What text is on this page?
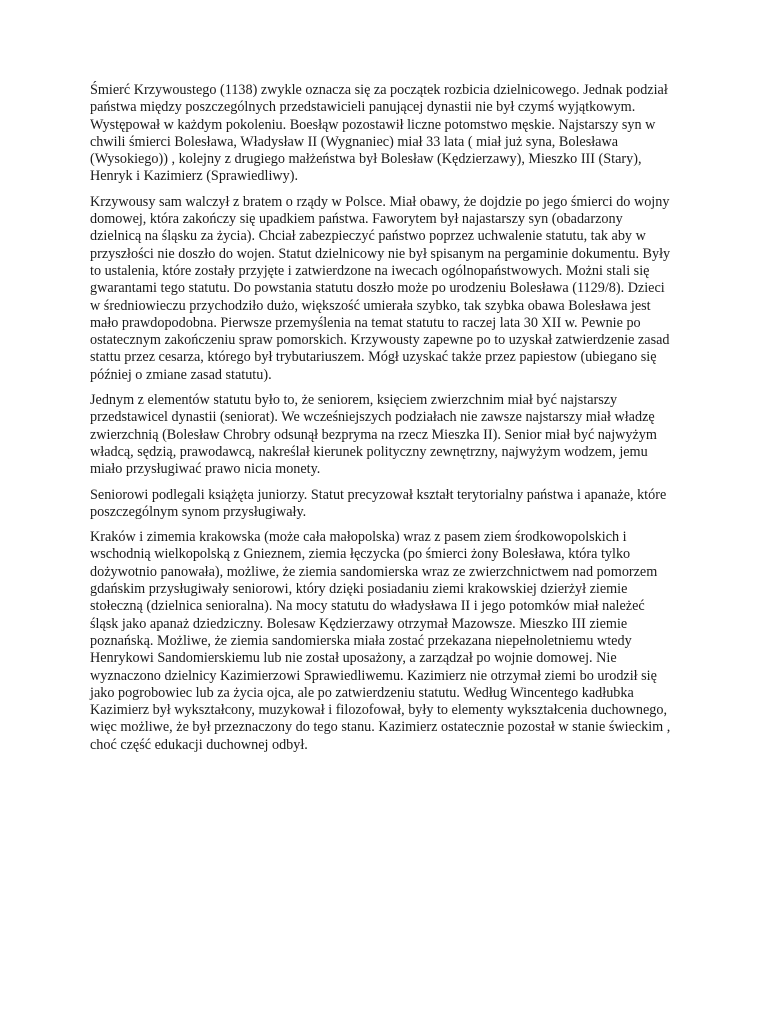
Śmierć Krzywoustego (1138) zwykle oznacza się za początek rozbicia dzielnicowego. Jednak podział
państwa między poszczególnych przedstawicieli panującej dynastii nie był czymś wyjątkowym.
Występował w każdym pokoleniu. Boesłąw pozostawił liczne potomstwo męskie. Najstarszy syn w
chwili śmierci Bolesława, Władysław II (Wygnaniec) miał 33 lata ( miał już syna, Bolesława
(Wysokiego)) , kolejny z drugiego małżeństwa był Bolesław (Kędzierzawy), Mieszko III (Stary),
Henryk i Kazimierz (Sprawiedliwy).

Krzywousy sam walczył z bratem o rządy w Polsce. Miał obawy, że dojdzie po jego śmierci do wojny
domowej, która zakończy się upadkiem państwa. Faworytem był najastarszy syn (obadarzony
dzielnicą na śląsku za życia). Chciał zabezpieczyć państwo poprzez uchwalenie statutu, tak aby w
przyszłości nie doszło do wojen. Statut dzielnicowy nie był spisanym na pergaminie dokumentu. Były
to ustalenia, które zostały przyjęte i zatwierdzone na iwecach ogólnopaństwowych. Możni stali się
gwarantami tego statutu. Do powstania statutu doszło może po urodzeniu Bolesława (1129/8). Dzieci
w średniowieczu przychodziło dużo, większość umierała szybko, tak szybka obawa Bolesława jest
mało prawdopodobna. Pierwsze przemyślenia na temat statutu to raczej lata 30 XII w. Pewnie po
ostatecznym zakończeniu spraw pomorskich. Krzywousty zapewne po to uzyskał zatwierdzenie zasad
stattu przez cesarza, którego był trybutariuszem. Mógł uzyskać także przez papiestow (ubiegano się
później o zmiane zasad statutu).

Jednym z elementów statutu było to, że seniorem, księciem zwierzchnim miał być najstarszy
przedstawicel dynastii (seniorat). We wcześniejszych podziałach nie zawsze najstarszy miał władzę
zwierzchnią (Bolesław Chrobry odsunął bezpryma na rzecz Mieszka II). Senior miał być najwyżym
władcą, sędzią, prawodawcą, nakreślał kierunek polityczny zewnętrzny, najwyżym wodzem, jemu
miało przysługiwać prawo nicia monety.

Seniorowi podlegali książęta juniorzy. Statut precyzował kształt terytorialny państwa i apanaże, które
poszczególnym synom przysługiwały.

Kraków i zimemia krakowska (może cała małopolska) wraz z pasem ziem środkowopolskich i
wschodnią wielkopolską z Gnieznem, ziemia łęczycka (po śmierci żony Bolesława, która tylko
dożywotnio panowała), możliwe, że ziemia sandomierska wraz ze zwierzchnictwem nad pomorzem
gdańskim przysługiwały seniorowi, który dzięki posiadaniu ziemi krakowskiej dzierżył ziemie
stołeczną (dzielnica senioralna). Na mocy statutu do władysława II i jego potomków miał należeć
śląsk jako apanaż dziedziczny. Bolesaw Kędzierzawy otrzymał Mazowsze. Mieszko III ziemie
poznańską. Możliwe, że ziemia sandomierska miała zostać przekazana niepełnoletniemu wtedy
Henrykowi Sandomierskiemu lub nie został uposażony, a zarządzał po wojnie domowej. Nie
wyznaczono dzielnicy Kazimierzowi Sprawiedliwemu. Kazimierz nie otrzymał ziemi bo urodził się
jako pogrobowiec lub za życia ojca, ale po zatwierdzeniu statutu. Według Wincentego kadłubka
Kazimierz był wykształcony, muzykował i filozofował, były to elementy wykształcenia duchownego,
więc możliwe, że był przeznaczony do tego stanu. Kazimierz ostatecznie pozostał w stanie świeckim ,
choć część edukacji duchownej odbył.
